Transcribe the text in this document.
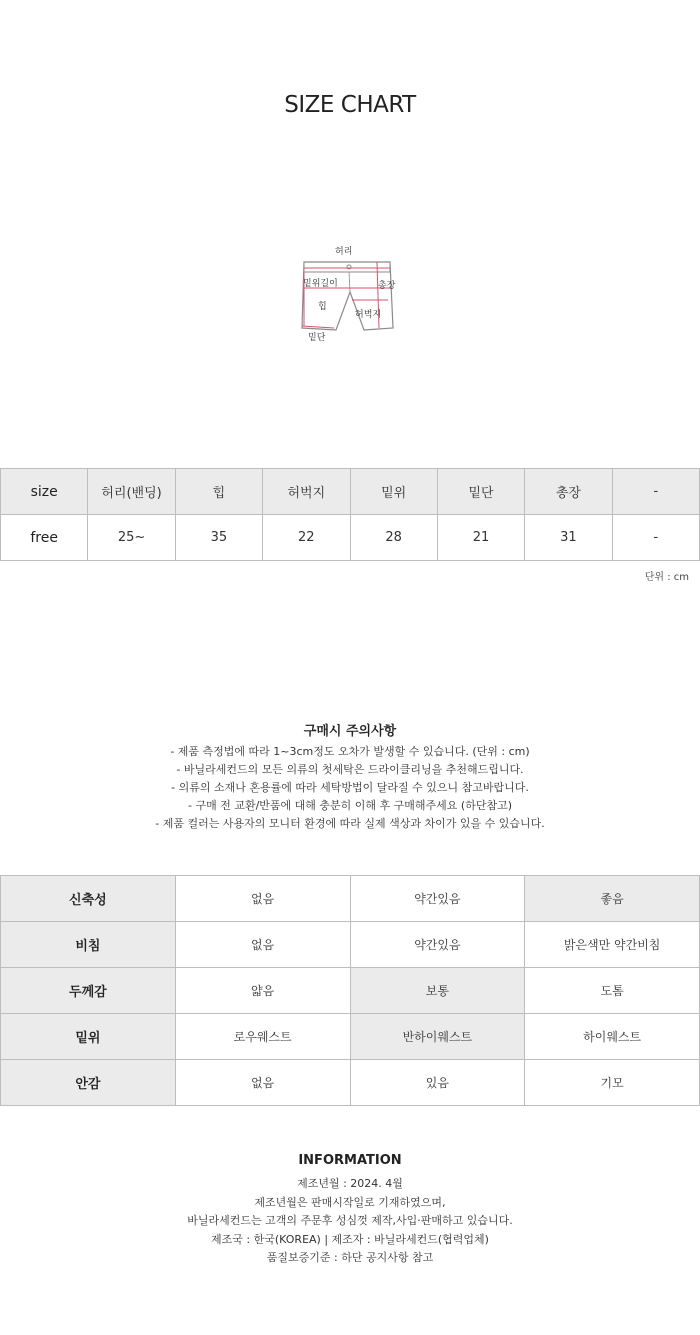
SIZE CHART
허리
밑위길이	총장
힙
허벅지
밑단
size	허리(밴딩)	힙	허벅지	밑위	밑단	총장	-
free	25~	35	22	28	21	31	-
단위 : cm
구매시 주의사항
- 제품 측정법에 따라 1~3cm정도 오차가 발생할 수 있습니다. (단위 : cm)
- 바닐라세컨드의 모든 의류의 첫세탁은 드라이클리닝을 추천해드립니다.
- 의류의 소재나 혼용률에 따라 세탁방법이 달라질 수 있으니 참고바랍니다.
- 구매 전 교환/반품에 대해 충분히 이해 후 구매해주세요 (하단참고)
- 제품 컬러는 사용자의 모니터 환경에 따라 실제 색상과 차이가 있을 수 있습니다.
신축성	없음	약간있음	좋음
비침	없음	약간있음	밝은색만 약간비침
두께감	얇음	보통	도톰
밑위	로우웨스트	반하이웨스트	하이웨스트
안감	없음	있음	기모
INFORMATION
제조년월 : 2024. 4월
제조년월은 판매시작일로 기재하였으며,
바닐라세컨드는 고객의 주문후 성심껏 제작,사입·판매하고 있습니다.
제조국 : 한국(KOREA) | 제조자 : 바닐라세컨드(협력업체)
품질보증기준 : 하단 공지사항 참고
